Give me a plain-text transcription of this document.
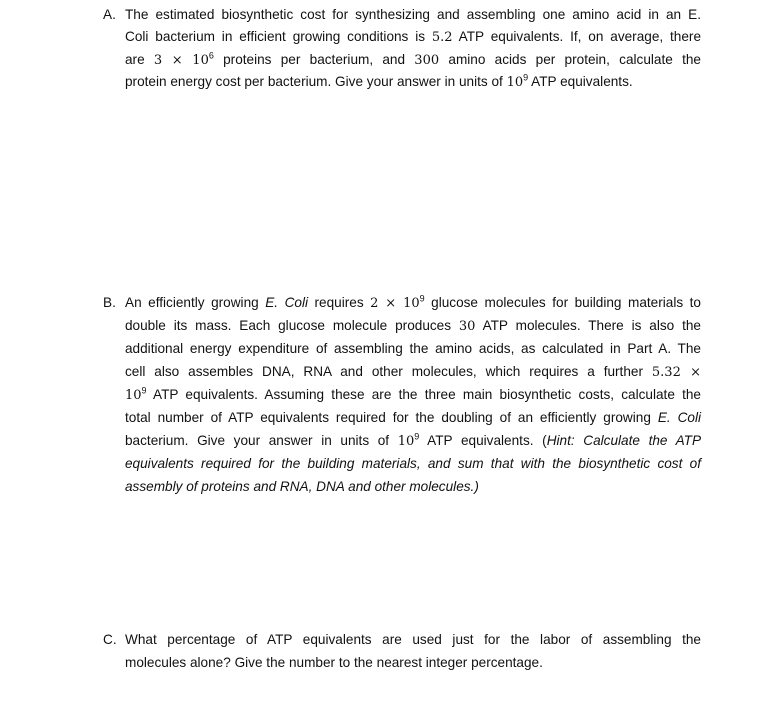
A. The estimated biosynthetic cost for synthesizing and assembling one amino acid in an E.
Coli bacterium in efficient growing conditions is 5.2 ATP equivalents. If, on average, there
are $3 \times 10^6$ proteins per bacterium, and 300 amino acids per protein, calculate the
protein energy cost per bacterium. Give your answer in units of $10^9$ ATP equivalents.
B. An efficiently growing E. Coli requires $2 \times 10^9$ glucose molecules for building materials to
double its mass. Each glucose molecule produces 30 ATP molecules. There is also the
additional energy expenditure of assembling the amino acids, as calculated in Part A. The
cell also assembles DNA, RNA and other molecules, which requires a further 5.32 ×
$10^9$ ATP equivalents. Assuming these are the three main biosynthetic costs, calculate the
total number of ATP equivalents required for the doubling of an efficiently growing E. Coli
bacterium. Give your answer in units of $10^9$ ATP equivalents. (Hint: Calculate the ATP
equivalents required for the building materials, and sum that with the biosynthetic cost of
assembly of proteins and RNA, DNA and other molecules.)
C. What percentage of ATP equivalents are used just for the labor of assembling the
molecules alone? Give the number to the nearest integer percentage.
